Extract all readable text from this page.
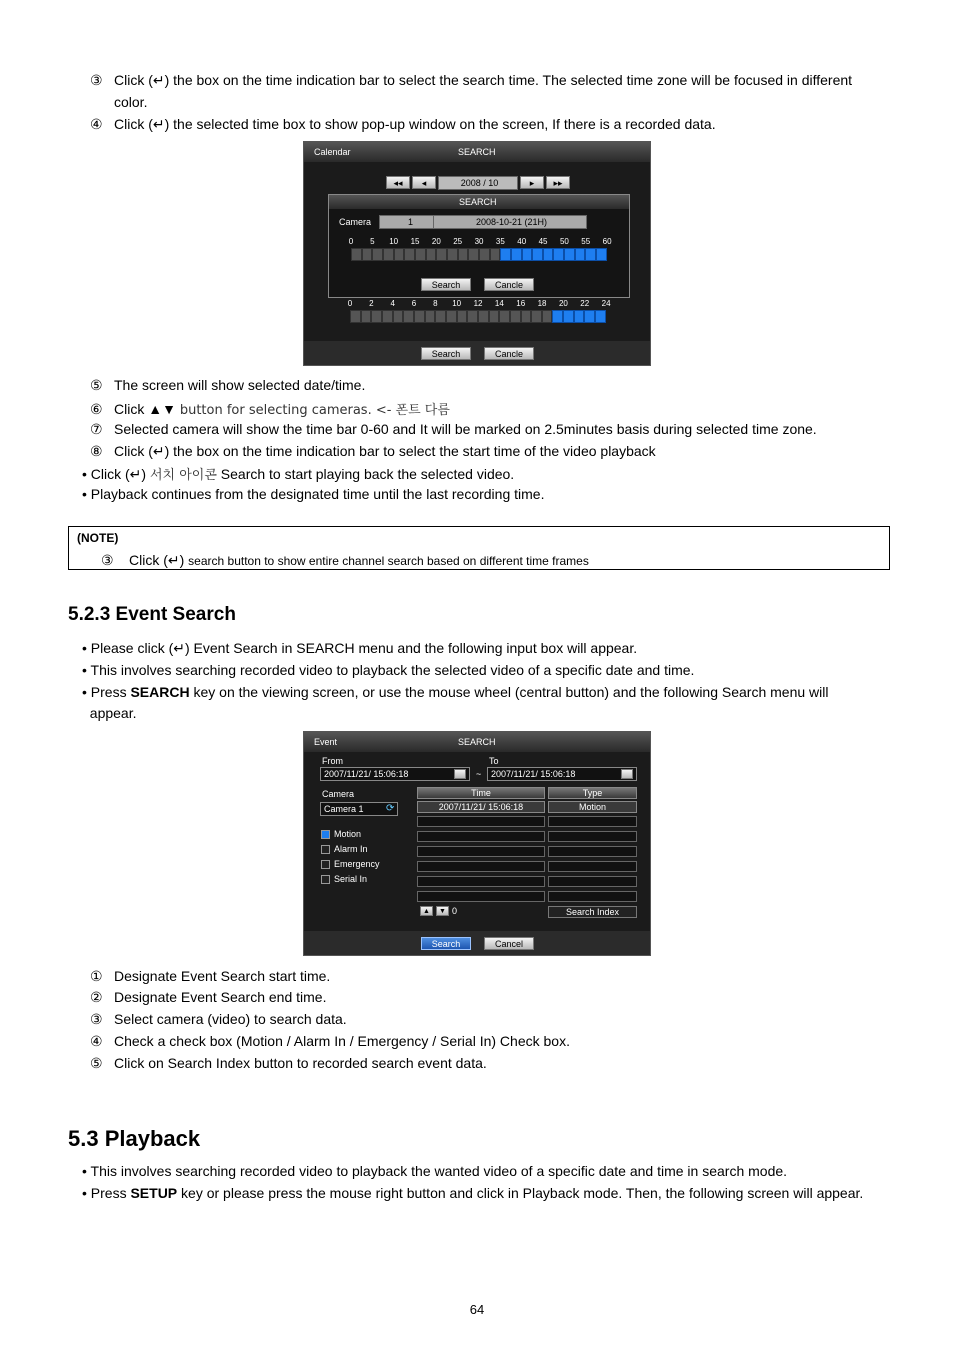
③ Click (↵) the box on the time indication bar to select the search time. The selected time zone will be focused in different
color.
④ Click (↵) the selected time box to show pop-up window on the screen, If there is a recorded data.
Calendar	SEARCH
◂◂	◂	2008 / 10	▸	▸▸
SEARCH
Camera	1	2008-10-21 (21H)
0 5 10 15 20 25 30 35 40 45 50 55 60
Search	Cancle
0 2 4 6 8 10 12 14 16 18 20 22 24
Search	Cancle
⑤ The screen will show selected date/time.
⑥ Click ▲▼ button for selecting cameras. <- 폰트 다름
⑦ Selected camera will show the time bar 0-60 and It will be marked on 2.5minutes basis during selected time zone.
⑧ Click (↵) the box on the time indication bar to select the start time of the video playback
• Click (↵) 서치 아이콘 Search to start playing back the selected video.
• Playback continues from the designated time until the last recording time.
(NOTE)
③ Click (↵) search button to show entire channel search based on different time frames
5.2.3 Event Search
• Please click (↵) Event Search in SEARCH menu and the following input box will appear.
• This involves searching recorded video to playback the selected video of a specific date and time.
• Press SEARCH key on the viewing screen, or use the mouse wheel (central button) and the following Search menu will
appear.
Event	SEARCH
From	To
2007/11/21/ 15:06:18	~	2007/11/21/ 15:06:18
Camera
Camera 1	⟳
Motion
Alarm In
Emergency
Serial In
Time	Type
2007/11/21/ 15:06:18	Motion
▲	▼ 0	Search Index
Search	Cancel
① Designate Event Search start time.
② Designate Event Search end time.
③ Select camera (video) to search data.
④ Check a check box (Motion / Alarm In / Emergency / Serial In) Check box.
⑤ Click on Search Index button to recorded search event data.
5.3 Playback
• This involves searching recorded video to playback the wanted video of a specific date and time in search mode.
• Press SETUP key or please press the mouse right button and click in Playback mode. Then, the following screen will appear.
64
